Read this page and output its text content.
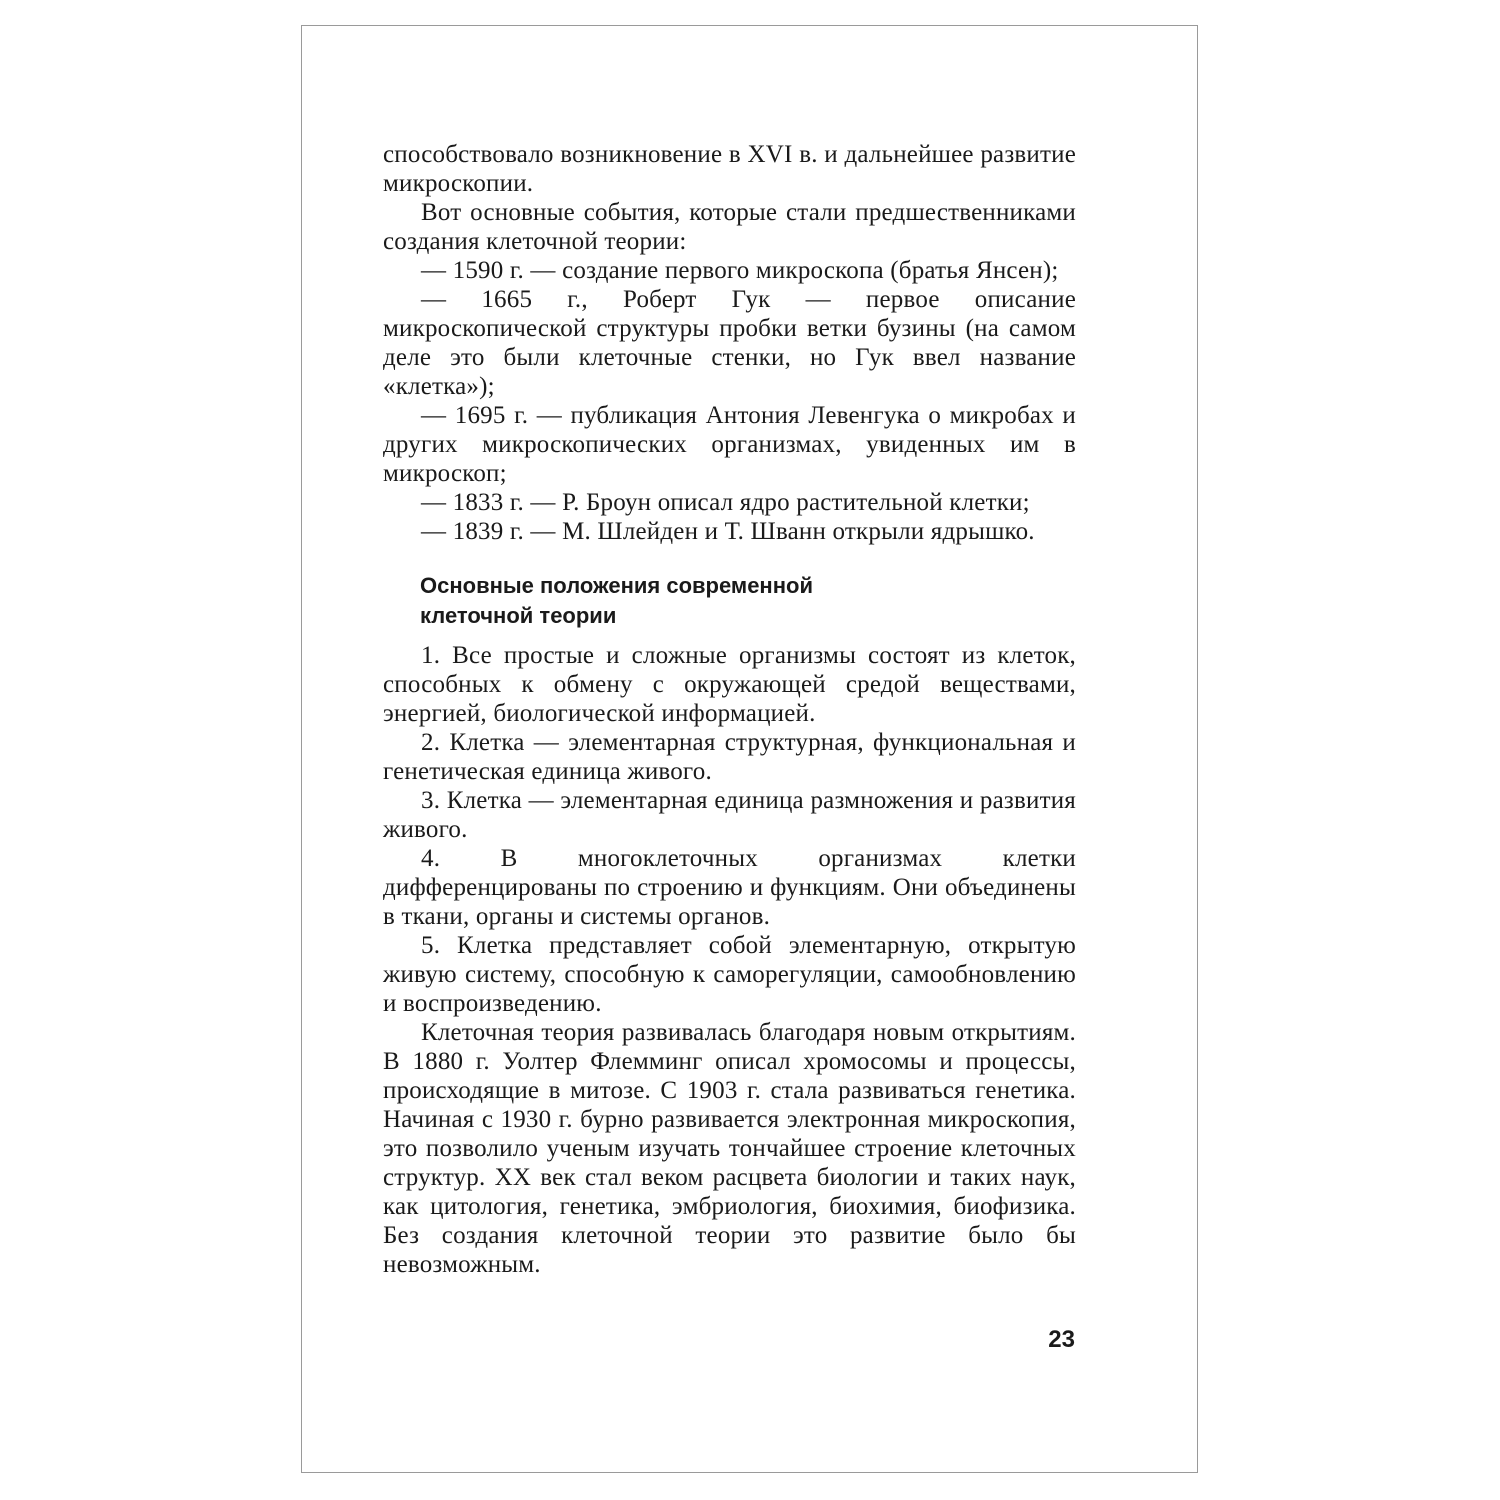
способствовало возникновение в XVI в. и дальнейшее развитие микроскопии.

Вот основные события, которые стали предшественниками создания клеточной теории:

— 1590 г. — создание первого микроскопа (братья Янсен);

— 1665 г., Роберт Гук — первое описание микроскопической структуры пробки ветки бузины (на самом деле это были клеточные стенки, но Гук ввел название «клетка»);

— 1695 г. — публикация Антония Левенгука о микробах и других микроскопических организмах, увиденных им в микроскоп;

— 1833 г. — Р. Броун описал ядро растительной клетки;

— 1839 г. — М. Шлейден и Т. Шванн открыли ядрышко.

Основные положения современной
клеточной теории

1. Все простые и сложные организмы состоят из клеток, способных к обмену с окружающей средой веществами, энергией, биологической информацией.

2. Клетка — элементарная структурная, функциональная и генетическая единица живого.

3. Клетка — элементарная единица размножения и развития живого.

4. В многоклеточных организмах клетки дифференцированы по строению и функциям. Они объединены в ткани, органы и системы органов.

5. Клетка представляет собой элементарную, открытую живую систему, способную к саморегуляции, самообновлению и воспроизведению.

Клеточная теория развивалась благодаря новым открытиям. В 1880 г. Уолтер Флемминг описал хромосомы и процессы, происходящие в митозе. С 1903 г. стала развиваться генетика. Начиная с 1930 г. бурно развивается электронная микроскопия, это позволило ученым изучать тончайшее строение клеточных структур. XX век стал веком расцвета биологии и таких наук, как цитология, генетика, эмбриология, биохимия, биофизика. Без создания клеточной теории это развитие было бы невозможным.

23
